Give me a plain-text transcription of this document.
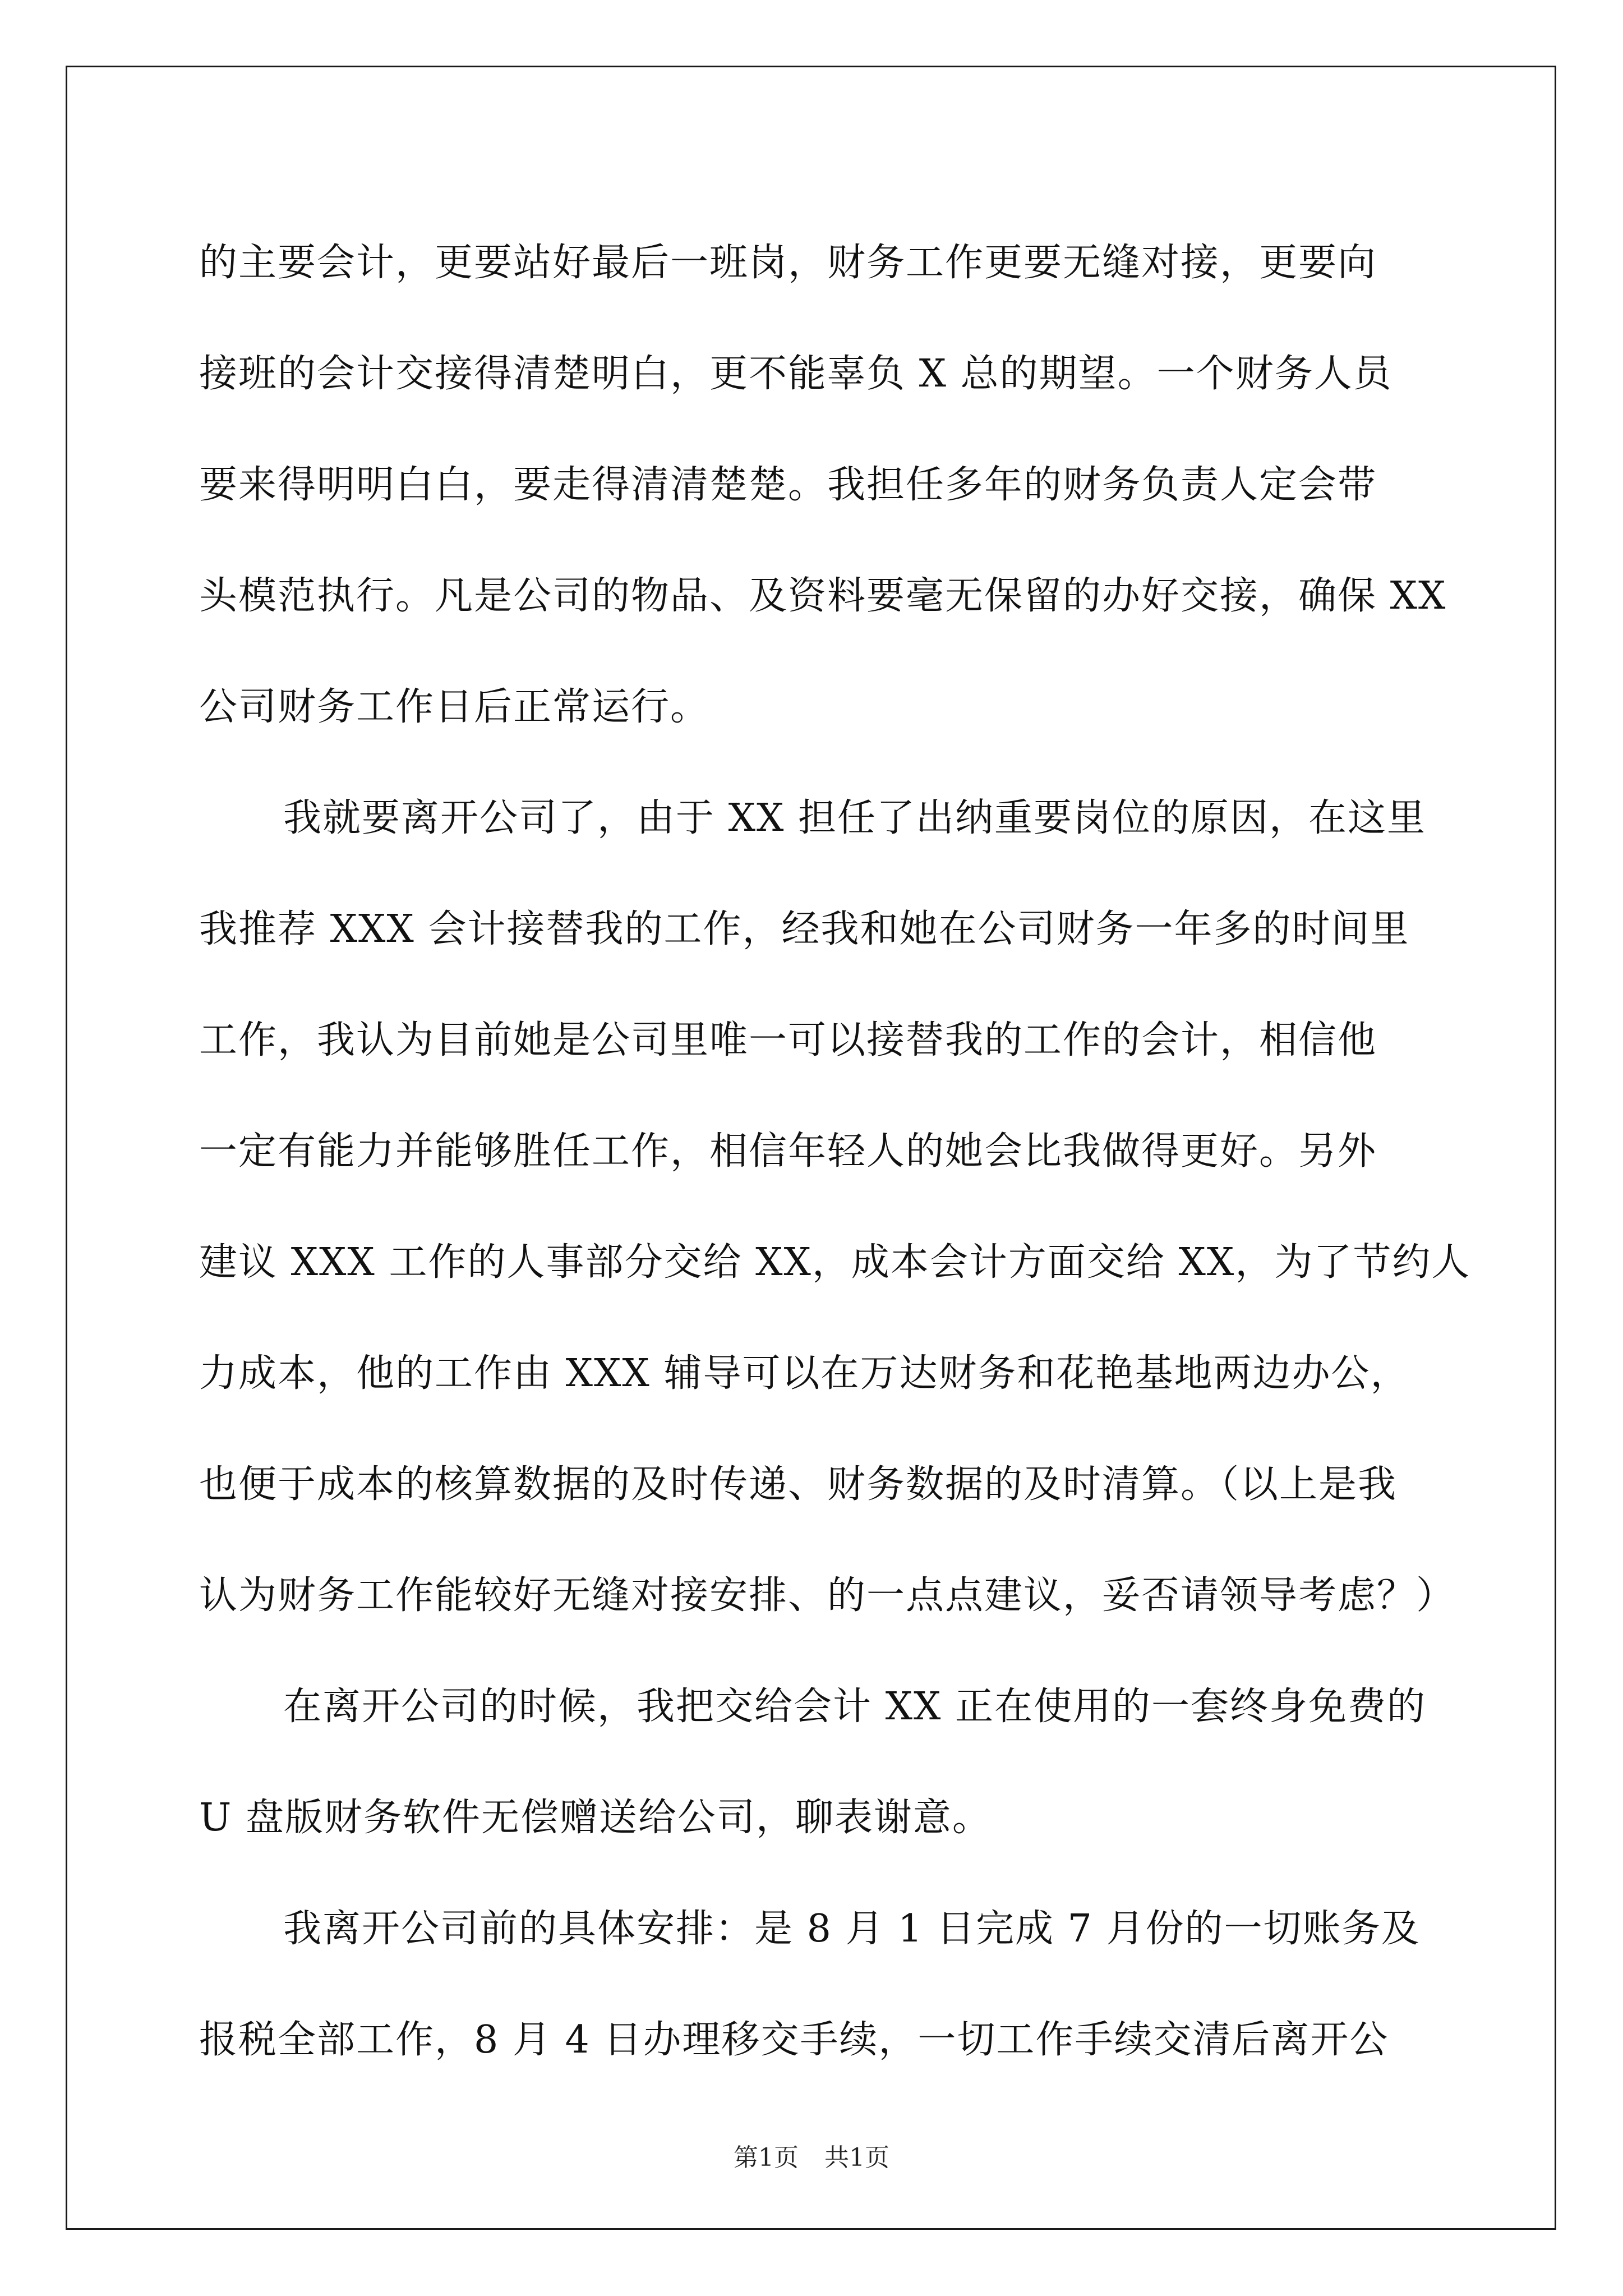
的主要会计，更要站好最后一班岗，财务工作更要无缝对接，更要向
接班的会计交接得清楚明白，更不能辜负 X 总的期望。一个财务人员
要来得明明白白，要走得清清楚楚。我担任多年的财务负责人定会带
头模范执行。凡是公司的物品、及资料要毫无保留的办好交接，确保 XX
公司财务工作日后正常运行。

我就要离开公司了，由于 XX 担任了出纳重要岗位的原因，在这里
我推荐 XXX 会计接替我的工作，经我和她在公司财务一年多的时间里
工作，我认为目前她是公司里唯一可以接替我的工作的会计，相信他
一定有能力并能够胜任工作，相信年轻人的她会比我做得更好。另外
建议 XXX 工作的人事部分交给 XX，成本会计方面交给 XX，为了节约人
力成本，他的工作由 XXX 辅导可以在万达财务和花艳基地两边办公，
也便于成本的核算数据的及时传递、财务数据的及时清算。（以上是我
认为财务工作能较好无缝对接安排、的一点点建议，妥否请领导考虑？）

在离开公司的时候，我把交给会计 XX 正在使用的一套终身免费的
U 盘版财务软件无偿赠送给公司，聊表谢意。

我离开公司前的具体安排：是 8 月 1 日完成 7 月份的一切账务及
报税全部工作，8 月 4 日办理移交手续，一切工作手续交清后离开公

第1页 共1页
